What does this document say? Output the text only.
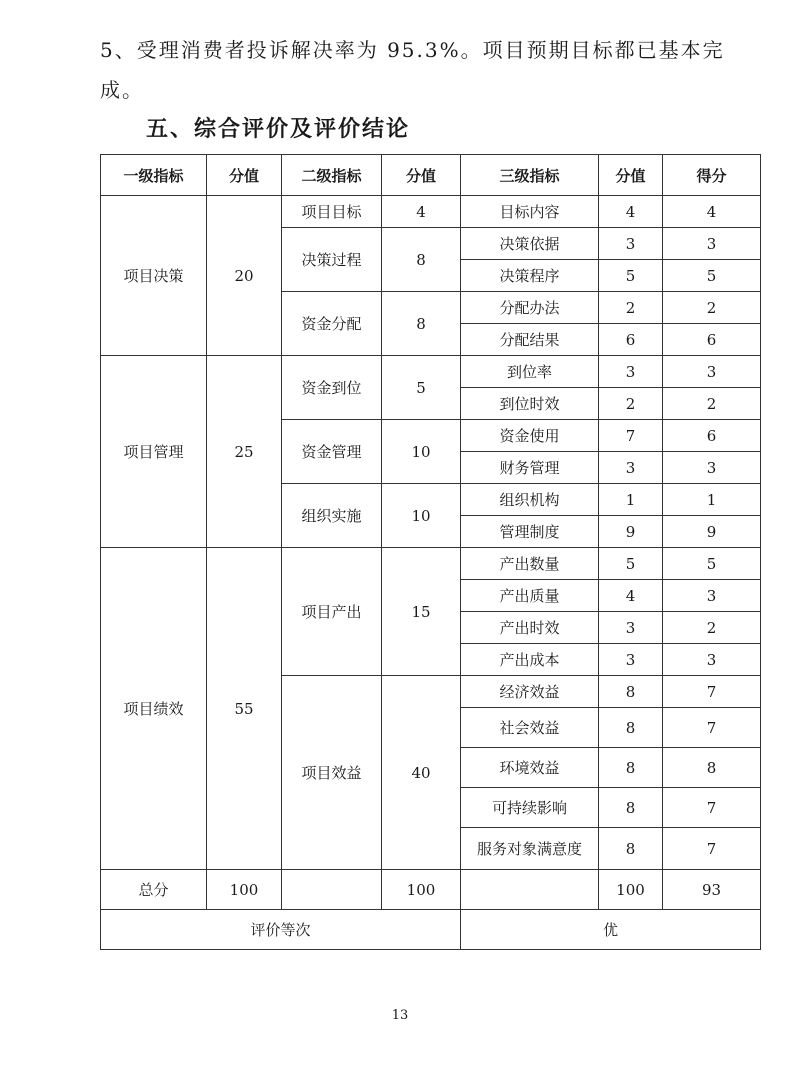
5、受理消费者投诉解决率为 95.3%。项目预期目标都已基本完
成。
五、综合评价及评价结论
一级指标	分值	二级指标	分值	三级指标	分值	得分
项目决策	20	项目目标	4	目标内容	4	4
		决策过程	8	决策依据	3	3
				决策程序	5	5
		资金分配	8	分配办法	2	2
				分配结果	6	6
项目管理	25	资金到位	5	到位率	3	3
				到位时效	2	2
		资金管理	10	资金使用	7	6
				财务管理	3	3
		组织实施	10	组织机构	1	1
				管理制度	9	9
项目绩效	55	项目产出	15	产出数量	5	5
				产出质量	4	3
				产出时效	3	2
				产出成本	3	3
		项目效益	40	经济效益	8	7
				社会效益	8	7
				环境效益	8	8
				可持续影响	8	7
				服务对象满意度	8	7
总分	100		100		100	93
评价等次				优		
13
